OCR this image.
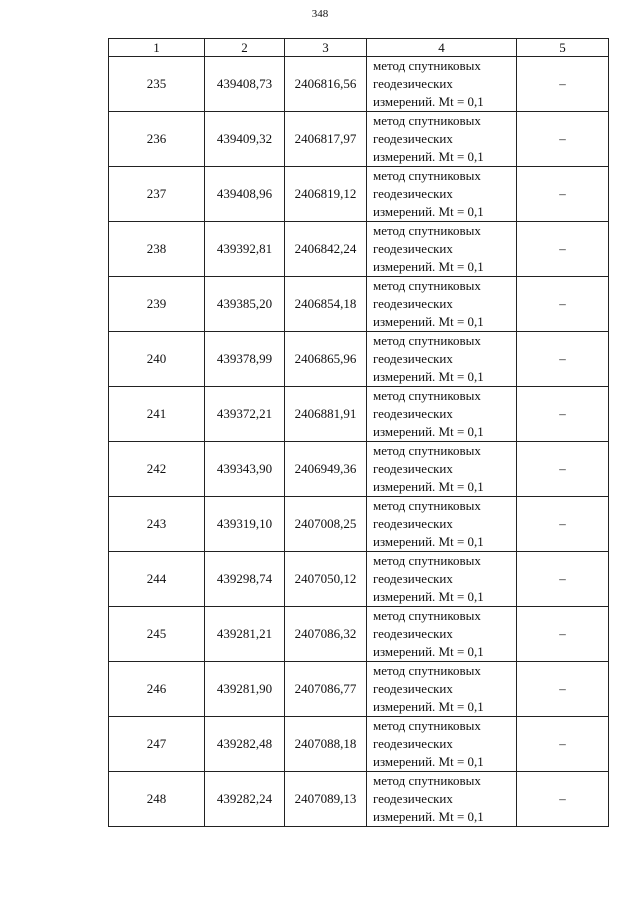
348
1	2	3	4	5
235	439408,73	2406816,56	метод спутниковых
геодезических
измерений. Mt = 0,1	–
236	439409,32	2406817,97	метод спутниковых
геодезических
измерений. Mt = 0,1	–
237	439408,96	2406819,12	метод спутниковых
геодезических
измерений. Mt = 0,1	–
238	439392,81	2406842,24	метод спутниковых
геодезических
измерений. Mt = 0,1	–
239	439385,20	2406854,18	метод спутниковых
геодезических
измерений. Mt = 0,1	–
240	439378,99	2406865,96	метод спутниковых
геодезических
измерений. Mt = 0,1	–
241	439372,21	2406881,91	метод спутниковых
геодезических
измерений. Mt = 0,1	–
242	439343,90	2406949,36	метод спутниковых
геодезических
измерений. Mt = 0,1	–
243	439319,10	2407008,25	метод спутниковых
геодезических
измерений. Mt = 0,1	–
244	439298,74	2407050,12	метод спутниковых
геодезических
измерений. Mt = 0,1	–
245	439281,21	2407086,32	метод спутниковых
геодезических
измерений. Mt = 0,1	–
246	439281,90	2407086,77	метод спутниковых
геодезических
измерений. Mt = 0,1	–
247	439282,48	2407088,18	метод спутниковых
геодезических
измерений. Mt = 0,1	–
248	439282,24	2407089,13	метод спутниковых
геодезических
измерений. Mt = 0,1	–
